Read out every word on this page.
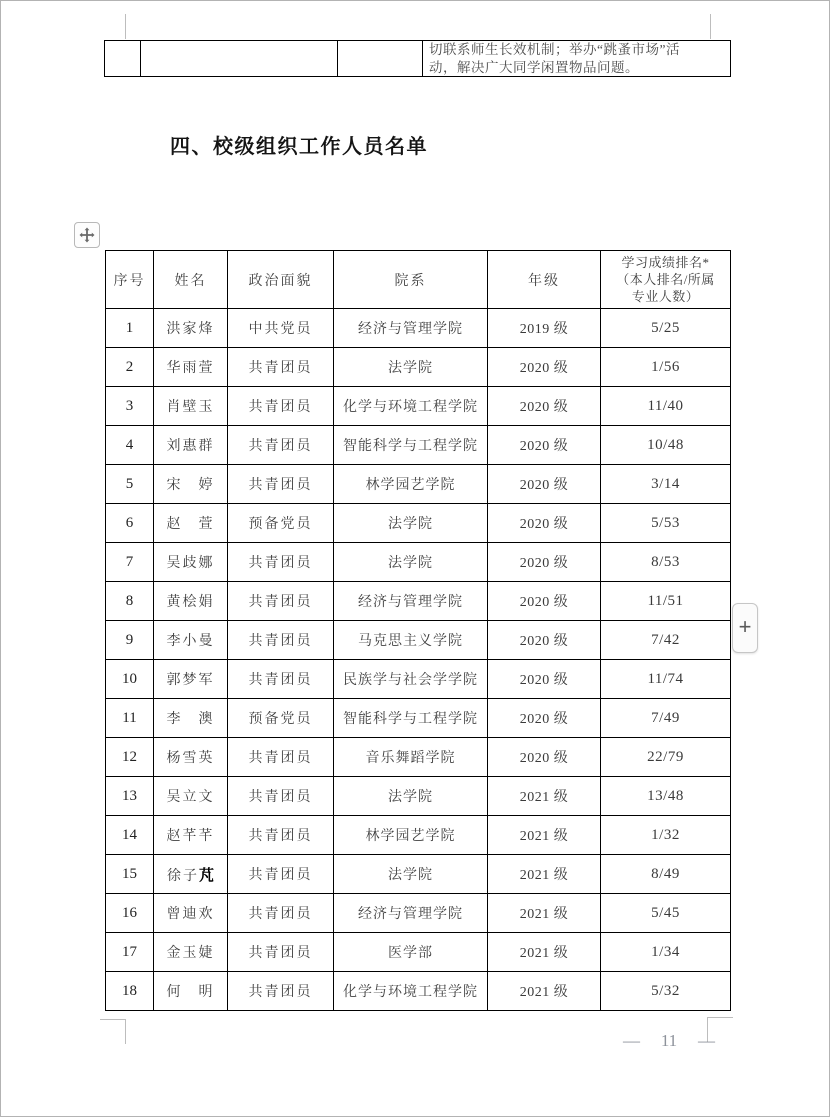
切联系师生长效机制；举办“跳蚤市场”活
动，解决广大同学闲置物品问题。
四、校级组织工作人员名单
序号	姓名	政治面貌	院系	年级	学习成绩排名*
（本人排名/所属
专业人数）

1	洪家烽	中共党员	经济与管理学院	2019 级	5/25
2	华雨萱	共青团员	法学院	2020 级	1/56
3	肖壁玉	共青团员	化学与环境工程学院	2020 级	11/40
4	刘惠群	共青团员	智能科学与工程学院	2020 级	10/48
5	宋　婷	共青团员	林学园艺学院	2020 级	3/14
6	赵　萱	预备党员	法学院	2020 级	5/53
7	吴歧娜	共青团员	法学院	2020 级	8/53
8	黄桧娟	共青团员	经济与管理学院	2020 级	11/51
9	李小曼	共青团员	马克思主义学院	2020 级	7/42
10	郭梦军	共青团员	民族学与社会学学院	2020 级	11/74
11	李　澳	预备党员	智能科学与工程学院	2020 级	7/49
12	杨雪英	共青团员	音乐舞蹈学院	2020 级	22/79
13	吴立文	共青团员	法学院	2021 级	13/48
14	赵芊芊	共青团员	林学园艺学院	2021 级	1/32
15	徐子芃	共青团员	法学院	2021 级	8/49
16	曾迪欢	共青团员	经济与管理学院	2021 级	5/45
17	金玉婕	共青团员	医学部	2021 级	1/34
18	何　明	共青团员	化学与环境工程学院	2021 级	5/32
+
— 11 —
